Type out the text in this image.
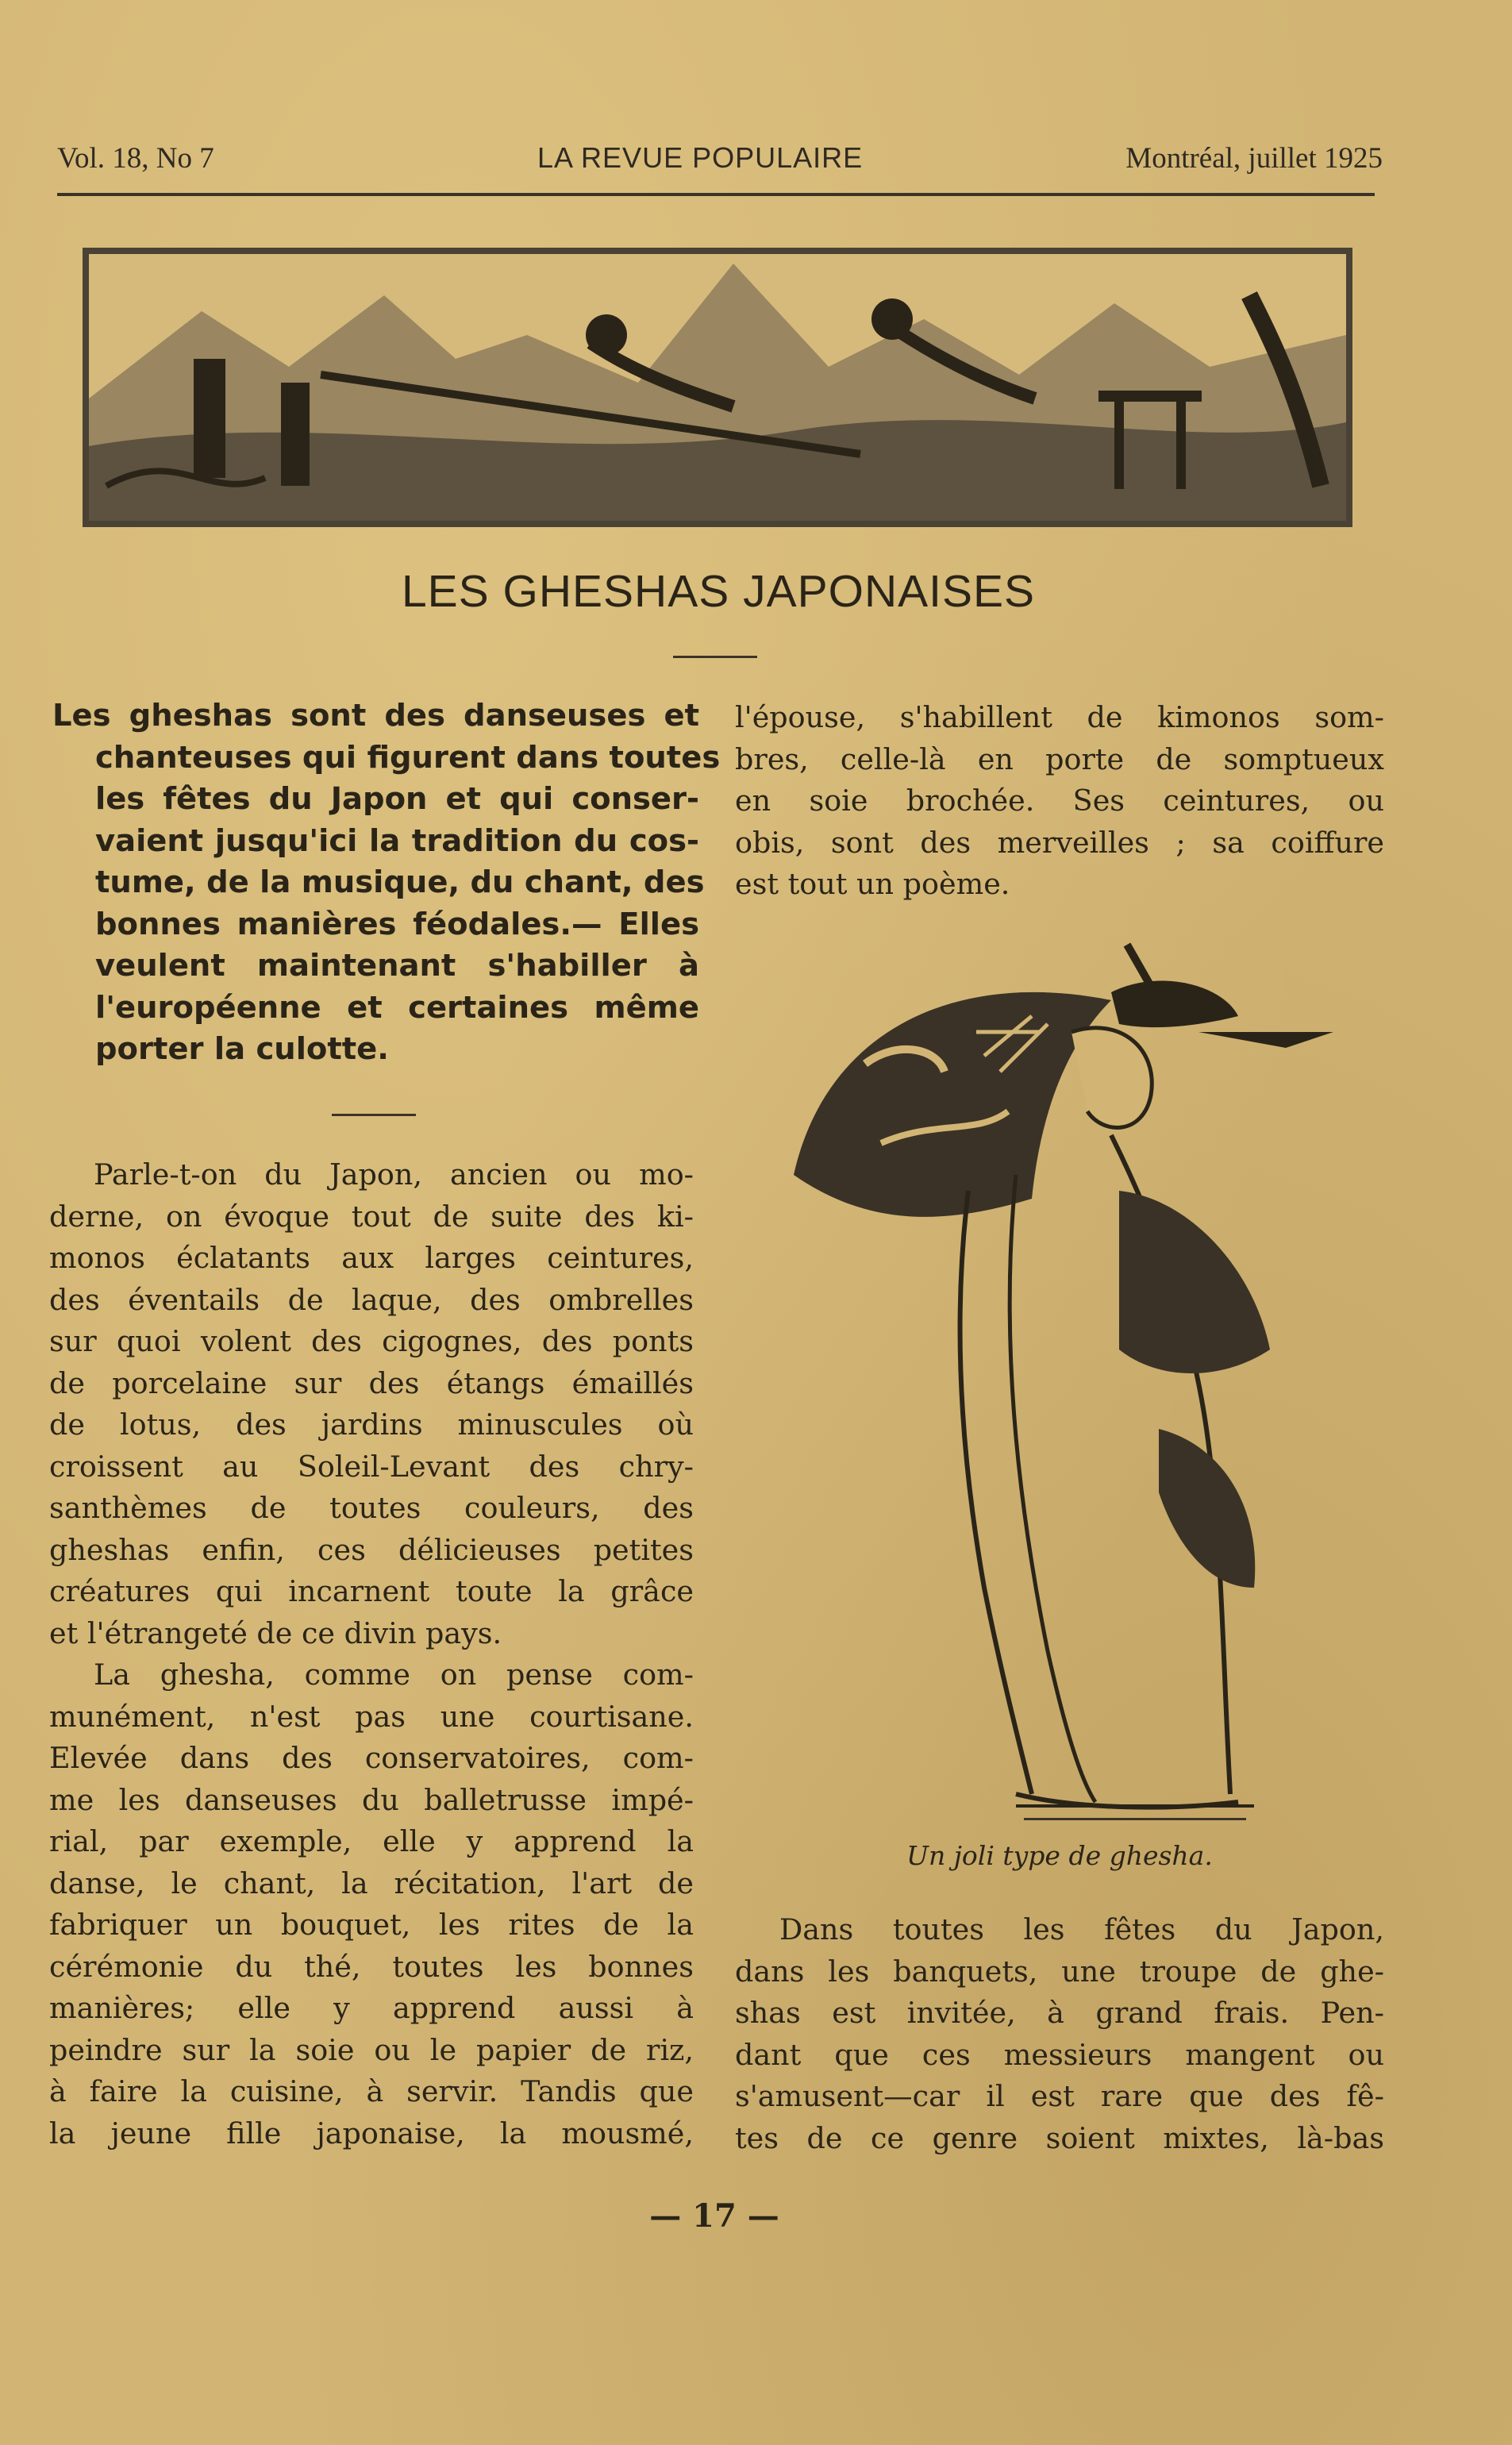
Vol. 18, No 7	LA REVUE POPULAIRE	Montréal, juillet 1925
LES GHESHAS JAPONAISES
Les gheshas sont des danseuses et
chanteuses qui figurent dans toutes
les fêtes du Japon et qui conser-
vaient jusqu'ici la tradition du cos-
tume, de la musique, du chant, des
bonnes manières féodales.— Elles
veulent maintenant s'habiller à
l'européenne et certaines même
porter la culotte.
Parle-t-on du Japon, ancien ou mo-
derne, on évoque tout de suite des ki-
monos éclatants aux larges ceintures,
des éventails de laque, des ombrelles
sur quoi volent des cigognes, des ponts
de porcelaine sur des étangs émaillés
de lotus, des jardins minuscules où
croissent au Soleil-Levant des chry-
santhèmes de toutes couleurs, des
gheshas enfin, ces délicieuses petites
créatures qui incarnent toute la grâce
et l'étrangeté de ce divin pays.
La ghesha, comme on pense com-
munément, n'est pas une courtisane.
Elevée dans des conservatoires, com-
me les danseuses du balletrusse impé-
rial, par exemple, elle y apprend la
danse, le chant, la récitation, l'art de
fabriquer un bouquet, les rites de la
cérémonie du thé, toutes les bonnes
manières; elle y apprend aussi à
peindre sur la soie ou le papier de riz,
à faire la cuisine, à servir. Tandis que
la jeune fille japonaise, la mousmé,
l'épouse, s'habillent de kimonos som-
bres, celle-là en porte de somptueux
en soie brochée. Ses ceintures, ou
obis, sont des merveilles ; sa coiffure
est tout un poème.
Un joli type de ghesha.
Dans toutes les fêtes du Japon,
dans les banquets, une troupe de ghe-
shas est invitée, à grand frais. Pen-
dant que ces messieurs mangent ou
s'amusent—car il est rare que des fê-
tes de ce genre soient mixtes, là-bas
— 17 —
